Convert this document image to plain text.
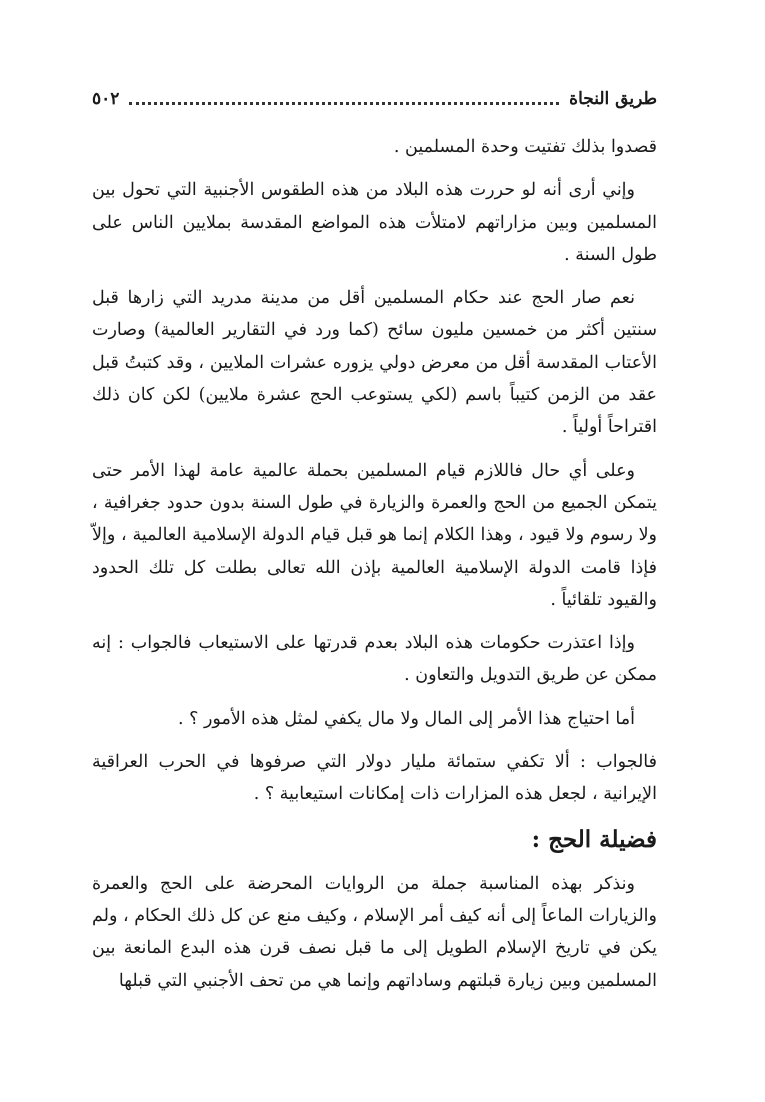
طريق النجاة
٥٠٢

قصدوا بذلك تفتيت وحدة المسلمين .

وإني أرى أنه لو حررت هذه البلاد من هذه الطقوس الأجنبية التي تحول بين المسلمين وبين مزاراتهم لامتلأت هذه المواضع المقدسة بملايين الناس على طول السنة .

نعم صار الحج عند حكام المسلمين أقل من مدينة مدريد التي زارها قبل سنتين أكثر من خمسين مليون سائح (كما ورد في التقارير العالمية) وصارت الأعتاب المقدسة أقل من معرض دولي يزوره عشرات الملايين ، وقد كتبتُ قبل عقد من الزمن كتيباً باسم (لكي يستوعب الحج عشرة ملايين) لكن كان ذلك اقتراحاً أولياً .

وعلى أي حال فاللازم قيام المسلمين بحملة عالمية عامة لهذا الأمر حتى يتمكن الجميع من الحج والعمرة والزيارة في طول السنة بدون حدود جغرافية ، ولا رسوم ولا قيود ، وهذا الكلام إنما هو قبل قيام الدولة الإسلامية العالمية ، وإلاّ فإذا قامت الدولة الإسلامية العالمية بإذن الله تعالى بطلت كل تلك الحدود والقيود تلقائياً .

وإذا اعتذرت حكومات هذه البلاد بعدم قدرتها على الاستيعاب فالجواب : إنه ممكن عن طريق التدويل والتعاون .

أما احتياج هذا الأمر إلى المال ولا مال يكفي لمثل هذه الأمور ؟ .

فالجواب : ألا تكفي ستمائة مليار دولار التي صرفوها في الحرب العراقية الإيرانية ، لجعل هذه المزارات ذات إمكانات استيعابية ؟ .

فضيلة الحج :

ونذكر بهذه المناسبة جملة من الروايات المحرضة على الحج والعمرة والزيارات الماعاً إلى أنه كيف أمر الإسلام ، وكيف منع عن كل ذلك الحكام ، ولم يكن في تاريخ الإسلام الطويل إلى ما قبل نصف قرن هذه البدع المانعة بين المسلمين وبين زيارة قبلتهم وساداتهم وإنما هي من تحف الأجنبي التي قبلها
